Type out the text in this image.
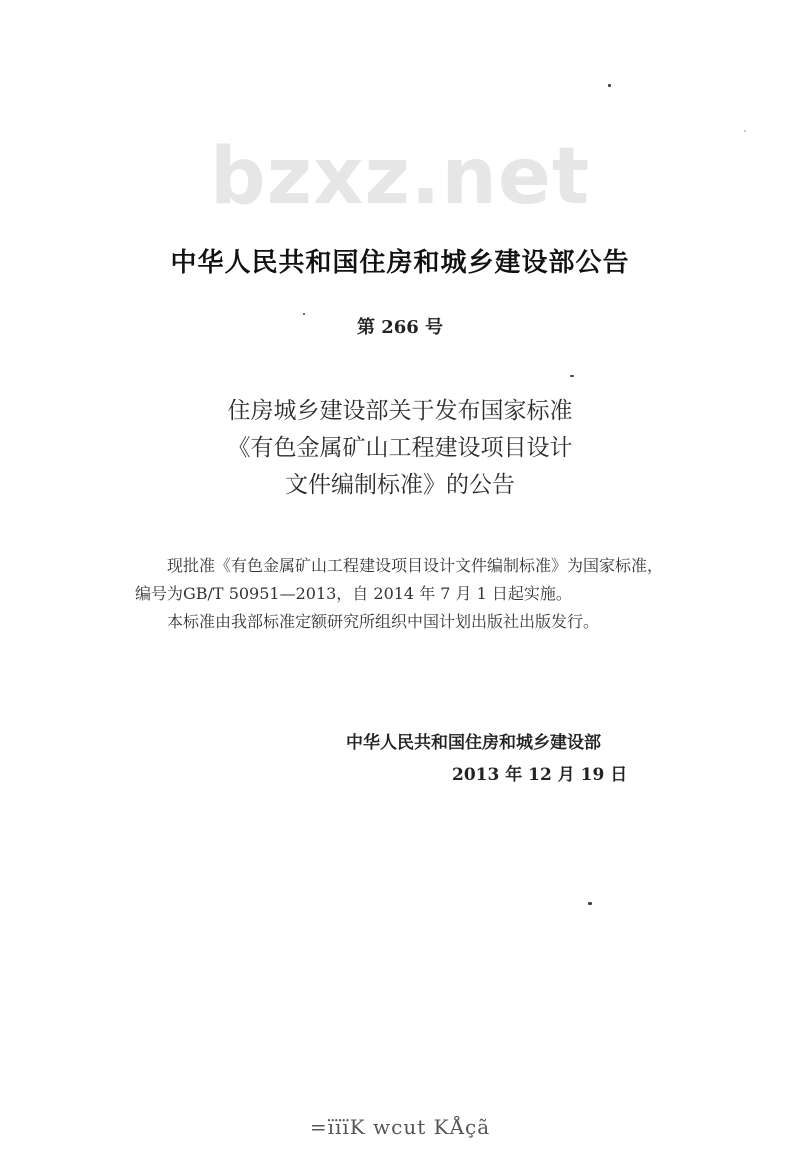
bzxz.net
中华人民共和国住房和城乡建设部公告
第 266 号
住房城乡建设部关于发布国家标准
《有色金属矿山工程建设项目设计
文件编制标准》的公告

现批准《有色金属矿山工程建设项目设计文件编制标准》为国家标准，编号为GB/T 50951—2013，自 2014 年 7 月 1 日起实施。

本标准由我部标准定额研究所组织中国计划出版社出版发行。

中华人民共和国住房和城乡建设部
2013 年 12 月 19 日
=ïïïK wcut KÅçã
